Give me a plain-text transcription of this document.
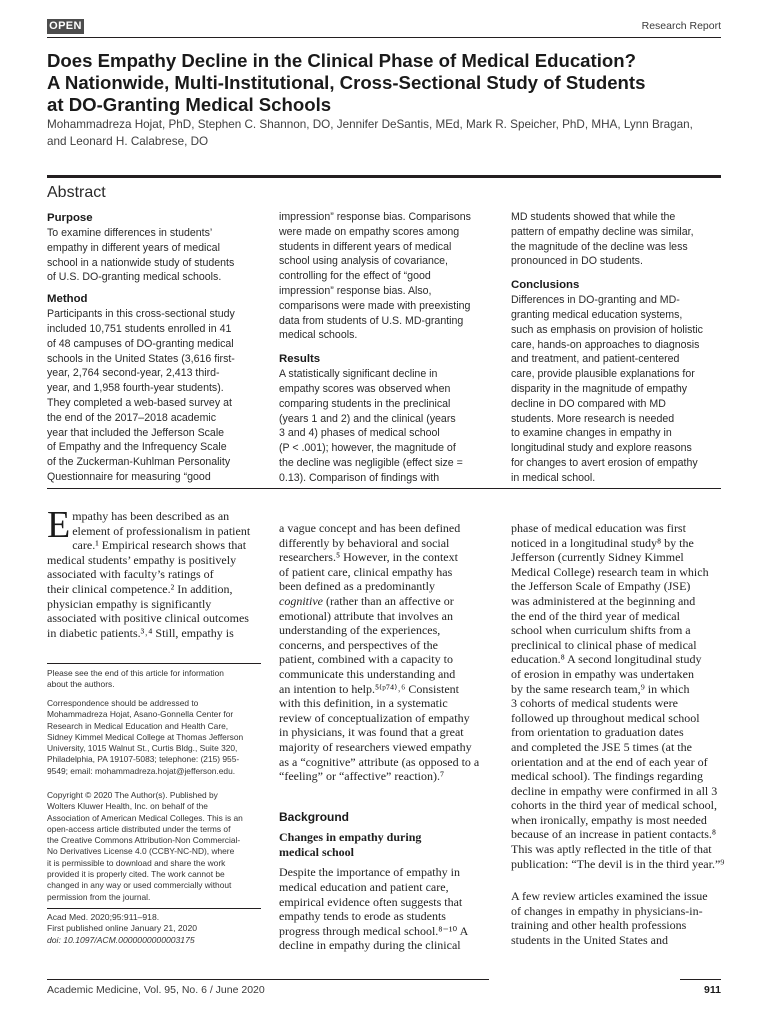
OPEN	Research Report
Does Empathy Decline in the Clinical Phase of Medical Education?
A Nationwide, Multi-Institutional, Cross-Sectional Study of Students
at DO-Granting Medical Schools
Mohammadreza Hojat, PhD, Stephen C. Shannon, DO, Jennifer DeSantis, MEd, Mark R. Speicher, PhD, MHA, Lynn Bragan,
and Leonard H. Calabrese, DO
Abstract
Purpose
To examine differences in students’
empathy in different years of medical
school in a nationwide study of students
of U.S. DO-granting medical schools.
Method
Participants in this cross-sectional study
included 10,751 students enrolled in 41
of 48 campuses of DO-granting medical
schools in the United States (3,616 first-
year, 2,764 second-year, 2,413 third-
year, and 1,958 fourth-year students).
They completed a web-based survey at
the end of the 2017–2018 academic
year that included the Jefferson Scale
of Empathy and the Infrequency Scale
of the Zuckerman-Kuhlman Personality
Questionnaire for measuring “good
impression” response bias. Comparisons
were made on empathy scores among
students in different years of medical
school using analysis of covariance,
controlling for the effect of “good
impression” response bias. Also,
comparisons were made with preexisting
data from students of U.S. MD-granting
medical schools.
Results
A statistically significant decline in
empathy scores was observed when
comparing students in the preclinical
(years 1 and 2) and the clinical (years
3 and 4) phases of medical school
(P < .001); however, the magnitude of
the decline was negligible (effect size =
0.13). Comparison of findings with
MD students showed that while the
pattern of empathy decline was similar,
the magnitude of the decline was less
pronounced in DO students.
Conclusions
Differences in DO-granting and MD-
granting medical education systems,
such as emphasis on provision of holistic
care, hands-on approaches to diagnosis
and treatment, and patient-centered
care, provide plausible explanations for
disparity in the magnitude of empathy
decline in DO compared with MD
students. More research is needed
to examine changes in empathy in
longitudinal study and explore reasons
for changes to avert erosion of empathy
in medical school.
E mpathy has been described as an
element of professionalism in patient
care.¹ Empirical research shows that
medical students’ empathy is positively
associated with faculty’s ratings of
their clinical competence.² In addition,
physician empathy is significantly
associated with positive clinical outcomes
in diabetic patients.³˒⁴ Still, empathy is
Please see the end of this article for information
about the authors.
Correspondence should be addressed to
Mohammadreza Hojat, Asano-Gonnella Center for
Research in Medical Education and Health Care,
Sidney Kimmel Medical College at Thomas Jefferson
University, 1015 Walnut St., Curtis Bldg., Suite 320,
Philadelphia, PA 19107-5083; telephone: (215) 955-
9549; email: mohammadreza.hojat@jefferson.edu.
Copyright © 2020 The Author(s). Published by
Wolters Kluwer Health, Inc. on behalf of the
Association of American Medical Colleges. This is an
open-access article distributed under the terms of
the Creative Commons Attribution-Non Commercial-
No Derivatives License 4.0 (CCBY-NC-ND), where
it is permissible to download and share the work
provided it is properly cited. The work cannot be
changed in any way or used commercially without
permission from the journal.
Acad Med. 2020;95:911–918.
First published online January 21, 2020
doi: 10.1097/ACM.0000000000003175
a vague concept and has been defined
differently by behavioral and social
researchers.⁵ However, in the context
of patient care, clinical empathy has
been defined as a predominantly
cognitive (rather than an affective or
emotional) attribute that involves an
understanding of the experiences,
concerns, and perspectives of the
patient, combined with a capacity to
communicate this understanding and
an intention to help.⁵⁽ᵖ⁷⁴⁾˒⁶ Consistent
with this definition, in a systematic
review of conceptualization of empathy
in physicians, it was found that a great
majority of researchers viewed empathy
as a “cognitive” attribute (as opposed to a
“feeling” or “affective” reaction).⁷
Background
Changes in empathy during
medical school
Despite the importance of empathy in
medical education and patient care,
empirical evidence often suggests that
empathy tends to erode as students
progress through medical school.⁸⁻¹⁰ A
decline in empathy during the clinical
phase of medical education was first
noticed in a longitudinal study⁸ by the
Jefferson (currently Sidney Kimmel
Medical College) research team in which
the Jefferson Scale of Empathy (JSE)
was administered at the beginning and
the end of the third year of medical
school when curriculum shifts from a
preclinical to clinical phase of medical
education.⁸ A second longitudinal study
of erosion in empathy was undertaken
by the same research team,⁹ in which
3 cohorts of medical students were
followed up throughout medical school
from orientation to graduation dates
and completed the JSE 5 times (at the
orientation and at the end of each year of
medical school). The findings regarding
decline in empathy were confirmed in all 3
cohorts in the third year of medical school,
when ironically, empathy is most needed
because of an increase in patient contacts.⁸
This was aptly reflected in the title of that
publication: “The devil is in the third year.”⁹
A few review articles examined the issue
of changes in empathy in physicians-in-
training and other health professions
students in the United States and
Academic Medicine, Vol. 95, No. 6 / June 2020	911
